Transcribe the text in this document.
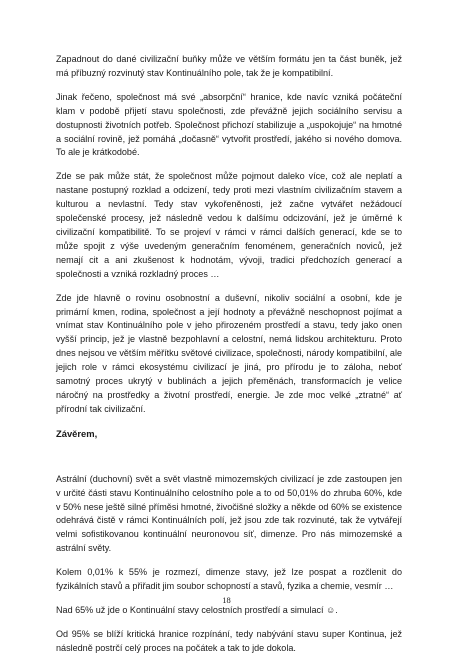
Zapadnout do dané civilizační buňky může ve větším formátu jen ta část buněk, jež má příbuzný rozvinutý stav Kontinuálního pole, tak že je kompatibilní.

Jinak řečeno, společnost má své „absorpční“ hranice, kde navíc vzniká počáteční klam v podobě přijetí stavu společnosti, zde převážně jejich sociálního servisu a dostupnosti životních potřeb. Společnost přichozí stabilizuje a „uspokojuje“ na hmotné a sociální rovině, jež pomáhá „dočasně“ vytvořit prostředí, jakého si nového domova. To ale je krátkodobé.

Zde se pak může stát, že společnost může pojmout daleko více, což ale neplatí a nastane postupný rozklad a odcizení, tedy proti mezi vlastním civilizačním stavem a kulturou a nevlastní. Tedy stav vykořeněnosti, jež začne vytvářet nežádoucí společenské procesy, jež následně vedou k dalšímu odcizování, jež je úměrné k civilizační kompatibilitě. To se projeví v rámci v rámci dalších generací, kde se to může spojit z výše uvedeným generačním fenoménem, generačních noviců, jež nemají cit a ani zkušenost k hodnotám, vývoji, tradici předchozích generací a společnosti a vzniká rozkladný proces …

Zde jde hlavně o rovinu osobnostní a duševní, nikoliv sociální a osobní, kde je primární kmen, rodina, společnost a její hodnoty a převážně neschopnost pojímat a vnímat stav Kontinuálního pole v jeho přirozeném prostředí a stavu, tedy jako onen vyšší princip, jež je vlastně bezpohlavní a celostní, nemá lidskou architekturu. Proto dnes nejsou ve větším měřítku světové civilizace, společnosti, národy kompatibilní, ale jejich role v rámci ekosystému civilizací je jiná, pro přírodu je to záloha, neboť samotný proces ukrytý v bublinách a jejich přeměnách, transformacích je velice náročný na prostředky a životní prostředí, energie. Je zde moc velké „ztratné“ ať přírodní tak civilizační.

Závěrem,

Astrální (duchovní) svět a svět vlastně mimozemských civilizací je zde zastoupen jen v určité části stavu Kontinuálního celostního pole a to od 50,01% do zhruba 60%, kde v 50% nese ještě silné příměsi hmotné, živočišné složky a někde od 60% se existence odehrává čistě v rámci Kontinuálních polí, jež jsou zde tak rozvinuté, tak že vytvářejí velmi sofistikovanou kontinuální neuronovou síť, dimenze. Pro nás mimozemské a astrální světy.

Kolem 0,01% k 55% je rozmezí, dimenze stavy, jež lze pospat a rozčlenit do fyzikálních stavů a přiřadit jim soubor schopností a stavů, fyzika a chemie, vesmír …

Nad 65% už jde o Kontinuální stavy celostních prostředí a simulací ☺.

Od 95% se blíží kritická hranice rozpínání, tedy nabývání stavu super Kontinua, jež následně postrčí celý proces na počátek a tak to jde dokola.

18
